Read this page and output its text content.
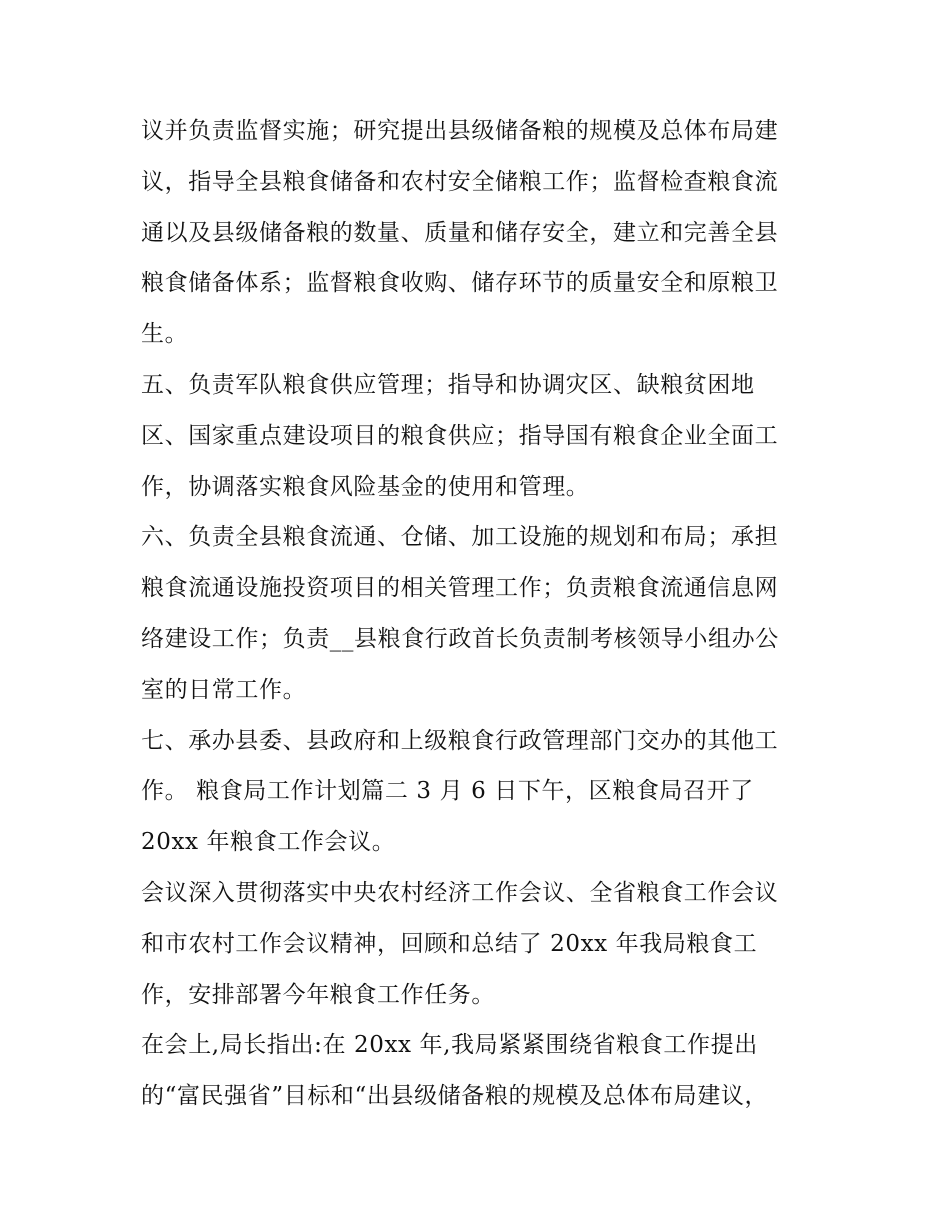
议并负责监督实施；研究提出县级储备粮的规模及总体布局建
议，指导全县粮食储备和农村安全储粮工作；监督检查粮食流
通以及县级储备粮的数量、质量和储存安全，建立和完善全县
粮食储备体系；监督粮食收购、储存环节的质量安全和原粮卫
生。
五、负责军队粮食供应管理；指导和协调灾区、缺粮贫困地
区、国家重点建设项目的粮食供应；指导国有粮食企业全面工
作，协调落实粮食风险基金的使用和管理。
六、负责全县粮食流通、仓储、加工设施的规划和布局；承担
粮食流通设施投资项目的相关管理工作；负责粮食流通信息网
络建设工作；负责__县粮食行政首长负责制考核领导小组办公
室的日常工作。
七、承办县委、县政府和上级粮食行政管理部门交办的其他工
作。 粮食局工作计划篇二 3 月 6 日下午，区粮食局召开了
20xx 年粮食工作会议。
会议深入贯彻落实中央农村经济工作会议、全省粮食工作会议
和市农村工作会议精神，回顾和总结了 20xx 年我局粮食工
作，安排部署今年粮食工作任务。
在会上,局长指出:在 20xx 年,我局紧紧围绕省粮食工作提出
的“富民强省”目标和“出县级储备粮的规模及总体布局建议，
